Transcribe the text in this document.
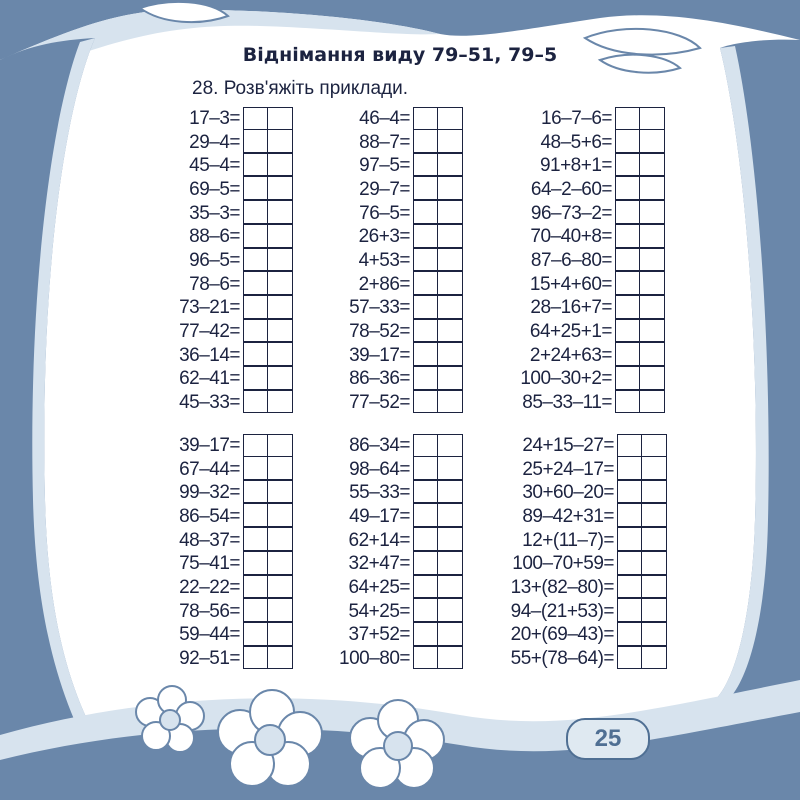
Віднімання виду 79–51, 79–5
28. Розв'яжіть приклади.
17–3=
29–4=
45–4=
69–5=
35–3=
88–6=
96–5=
78–6=
73–21=
77–42=
36–14=
62–41=
45–33=
46–4=
88–7=
97–5=
29–7=
76–5=
26+3=
4+53=
2+86=
57–33=
78–52=
39–17=
86–36=
77–52=
16–7–6=
48–5+6=
91+8+1=
64–2–60=
96–73–2=
70–40+8=
87–6–80=
15+4+60=
28–16+7=
64+25+1=
2+24+63=
100–30+2=
85–33–11=
39–17=
67–44=
99–32=
86–54=
48–37=
75–41=
22–22=
78–56=
59–44=
92–51=
86–34=
98–64=
55–33=
49–17=
62+14=
32+47=
64+25=
54+25=
37+52=
100–80=
24+15–27=
25+24–17=
30+60–20=
89–42+31=
12+(11–7)=
100–70+59=
13+(82–80)=
94–(21+53)=
20+(69–43)=
55+(78–64)=
25
